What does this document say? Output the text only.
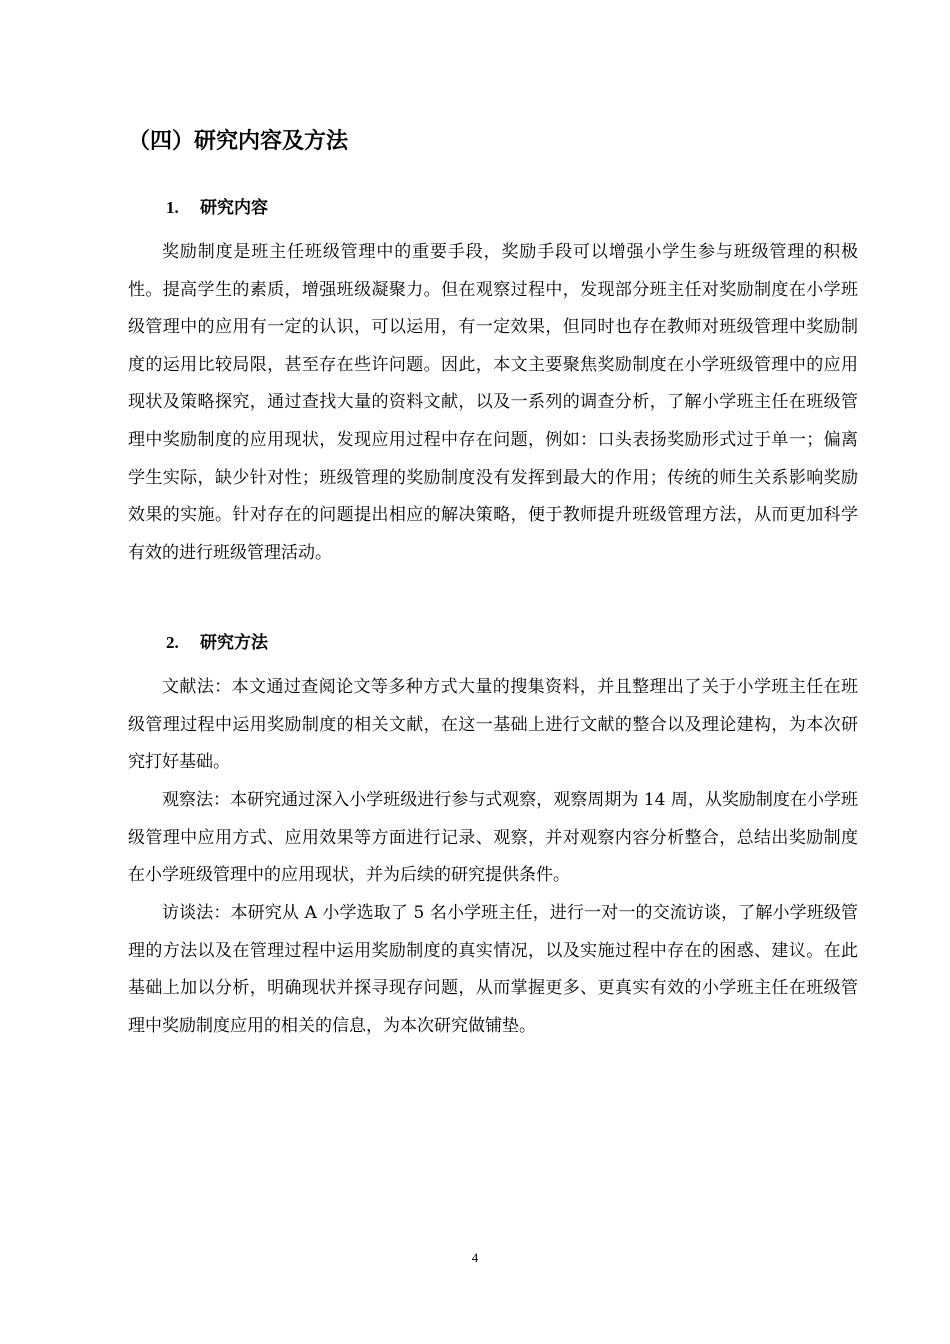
（四）研究内容及方法
1. 研究内容

奖励制度是班主任班级管理中的重要手段，奖励手段可以增强小学生参与班级管理的积极性。提高学生的素质，增强班级凝聚力。但在观察过程中，发现部分班主任对奖励制度在小学班级管理中的应用有一定的认识，可以运用，有一定效果，但同时也存在教师对班级管理中奖励制度的运用比较局限，甚至存在些许问题。因此，本文主要聚焦奖励制度在小学班级管理中的应用现状及策略探究，通过查找大量的资料文献，以及一系列的调查分析，了解小学班主任在班级管理中奖励制度的应用现状，发现应用过程中存在问题，例如：口头表扬奖励形式过于单一；偏离学生实际，缺少针对性；班级管理的奖励制度没有发挥到最大的作用；传统的师生关系影响奖励效果的实施。针对存在的问题提出相应的解决策略，便于教师提升班级管理方法，从而更加科学有效的进行班级管理活动。

2. 研究方法

文献法：本文通过查阅论文等多种方式大量的搜集资料，并且整理出了关于小学班主任在班级管理过程中运用奖励制度的相关文献，在这一基础上进行文献的整合以及理论建构，为本次研究打好基础。

观察法：本研究通过深入小学班级进行参与式观察，观察周期为 14 周，从奖励制度在小学班级管理中应用方式、应用效果等方面进行记录、观察，并对观察内容分析整合，总结出奖励制度在小学班级管理中的应用现状，并为后续的研究提供条件。

访谈法：本研究从 A 小学选取了 5 名小学班主任，进行一对一的交流访谈，了解小学班级管理的方法以及在管理过程中运用奖励制度的真实情况，以及实施过程中存在的困惑、建议。在此基础上加以分析，明确现状并探寻现存问题，从而掌握更多、更真实有效的小学班主任在班级管理中奖励制度应用的相关的信息，为本次研究做铺垫。

4
